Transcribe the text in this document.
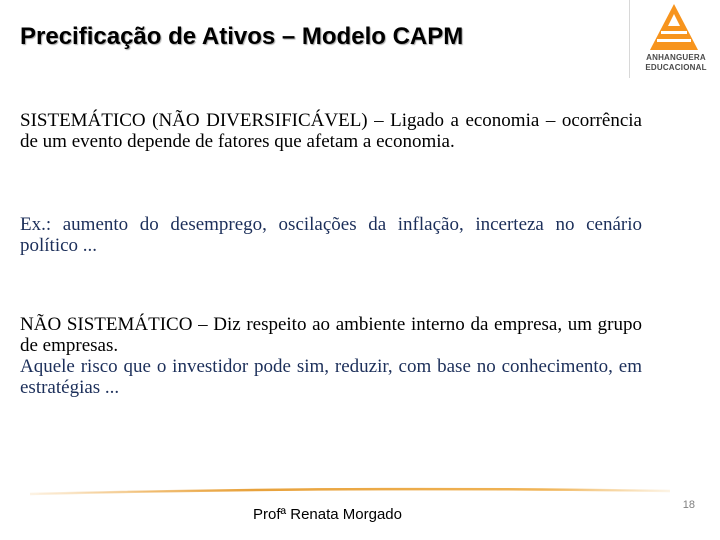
Precificação de Ativos – Modelo CAPM
ANHANGUERA
EDUCACIONAL

SISTEMÁTICO (NÃO DIVERSIFICÁVEL) – Ligado a economia – ocorrência de um evento depende de fatores que afetam a economia.

Ex.: aumento do desemprego, oscilações da inflação, incerteza no cenário político ...

NÃO SISTEMÁTICO – Diz respeito ao ambiente interno da empresa, um grupo de empresas.
Aquele risco que o investidor pode sim, reduzir, com base no conhecimento, em estratégias ...
18
Profª Renata Morgado
